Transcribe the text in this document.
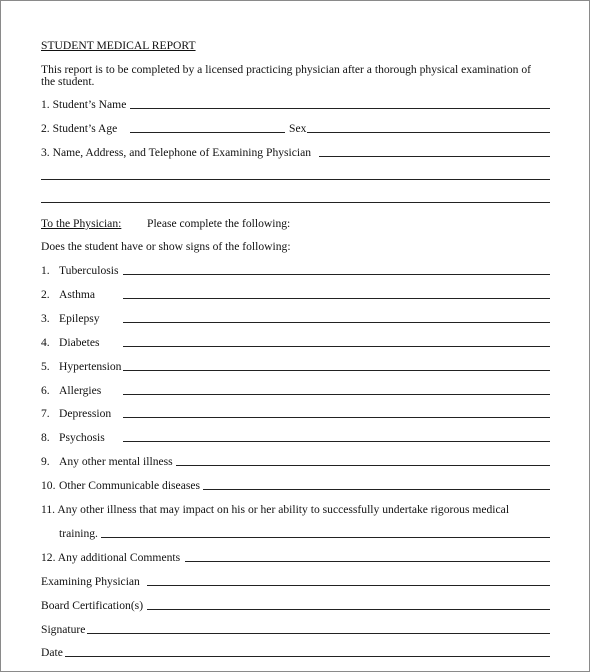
STUDENT MEDICAL REPORT
This report is to be completed by a licensed practicing physician after a thorough physical examination of
the student.
1. Student’s Name
2. Student’s Age	Sex
3. Name, Address, and Telephone of Examining Physician
To the Physician: Please complete the following:
Does the student have or show signs of the following:
1. Tuberculosis
2. Asthma
3. Epilepsy
4. Diabetes
5. Hypertension
6. Allergies
7. Depression
8. Psychosis
9. Any other mental illness
10. Other Communicable diseases
11. Any other illness that may impact on his or her ability to successfully undertake rigorous medical
training.
12. Any additional Comments
Examining Physician
Board Certification(s)
Signature
Date
